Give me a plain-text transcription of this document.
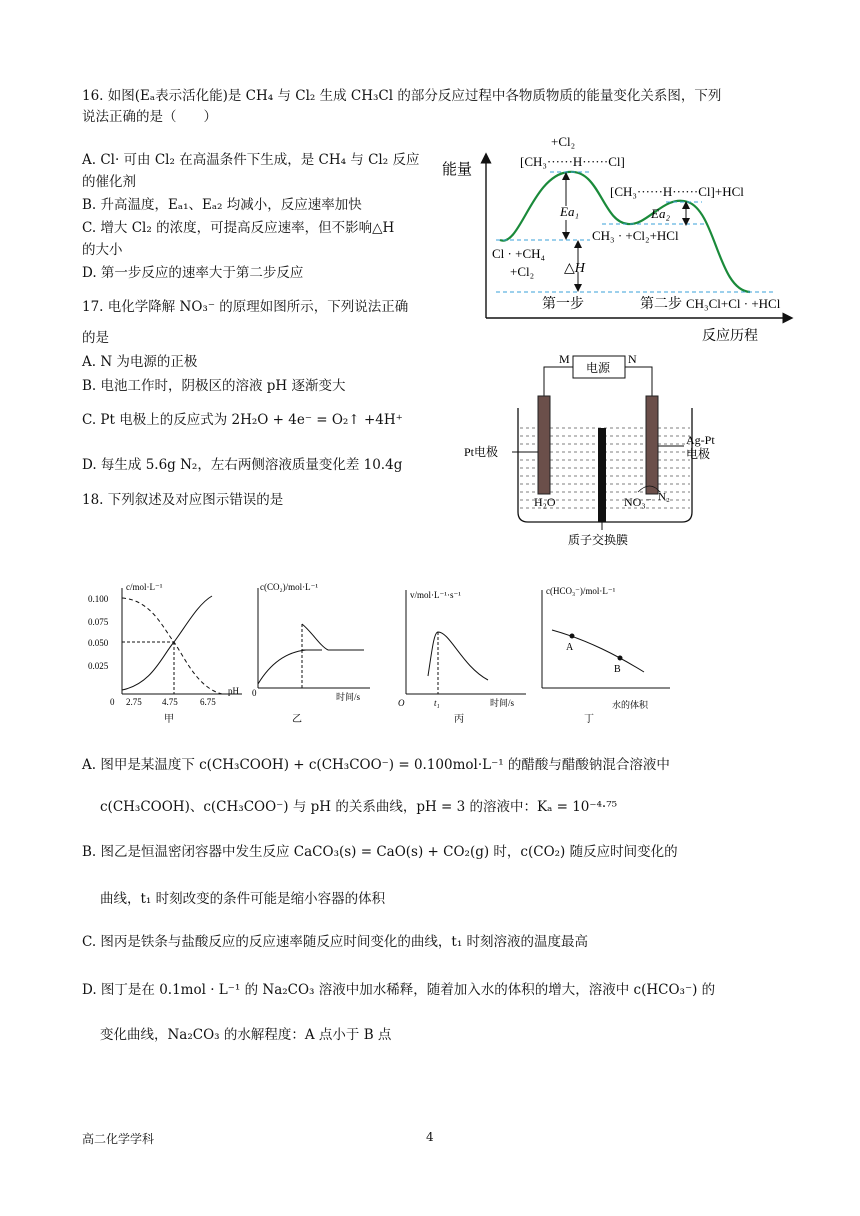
16. 如图(Eₐ表示活化能)是 CH₄ 与 Cl₂ 生成 CH₃Cl 的部分反应过程中各物质物质的能量变化关系图，下列
说法正确的是（　　）
A. Cl· 可由 Cl₂ 在高温条件下生成，是 CH₄ 与 Cl₂ 反应
的催化剂
B. 升高温度，Eₐ₁、Eₐ₂ 均减小，反应速率加快
C. 增大 Cl₂ 的浓度，可提高反应速率，但不影响△H
的大小
D. 第一步反应的速率大于第二步反应
能量
反应历程
Ea₁	Ea₂
△H
+Cl₂
[CH₃······H······Cl]
[CH₃······H······Cl]+HCl
CH₃ · +Cl₂+HCl
Cl · +CH₄
+Cl₂
第一步	第二步 CH₃Cl+Cl · +HCl
17. 电化学降解 NO₃⁻ 的原理如图所示，下列说法正确
的是
A. N 为电源的正极
B. 电池工作时，阴极区的溶液 pH 逐渐变大
C. Pt 电极上的反应式为 2H₂O + 4e⁻ = O₂↑ +4H⁺
D. 每生成 5.6g N₂，左右两侧溶液质量变化差 10.4g
电源
M	N
质子交换膜
Pt电极
Ag-Pt
电极
H₂O	NO₃⁻ N₂
18. 下列叙述及对应图示错误的是
c/mol·L⁻¹
0.100
0.075
0.050
0.025
0 2.75 4.75 6.75
pH
甲
c(CO₂)/mol·L⁻¹
0	时间/s
乙
v/mol·L⁻¹·s⁻¹
O	t₁	时间/s
丙
c(HCO₃⁻)/mol·L⁻¹
水的体积
A
B
丁
A. 图甲是某温度下 c(CH₃COOH) + c(CH₃COO⁻) = 0.100mol·L⁻¹ 的醋酸与醋酸钠混合溶液中
c(CH₃COOH)、c(CH₃COO⁻) 与 pH 的关系曲线，pH = 3 的溶液中：Kₐ = 10⁻⁴·⁷⁵
B. 图乙是恒温密闭容器中发生反应 CaCO₃(s) = CaO(s) + CO₂(g) 时，c(CO₂) 随反应时间变化的
曲线，t₁ 时刻改变的条件可能是缩小容器的体积
C. 图丙是铁条与盐酸反应的反应速率随反应时间变化的曲线，t₁ 时刻溶液的温度最高
D. 图丁是在 0.1mol · L⁻¹ 的 Na₂CO₃ 溶液中加水稀释，随着加入水的体积的增大，溶液中 c(HCO₃⁻) 的
变化曲线，Na₂CO₃ 的水解程度：A 点小于 B 点
高二化学学科	4
